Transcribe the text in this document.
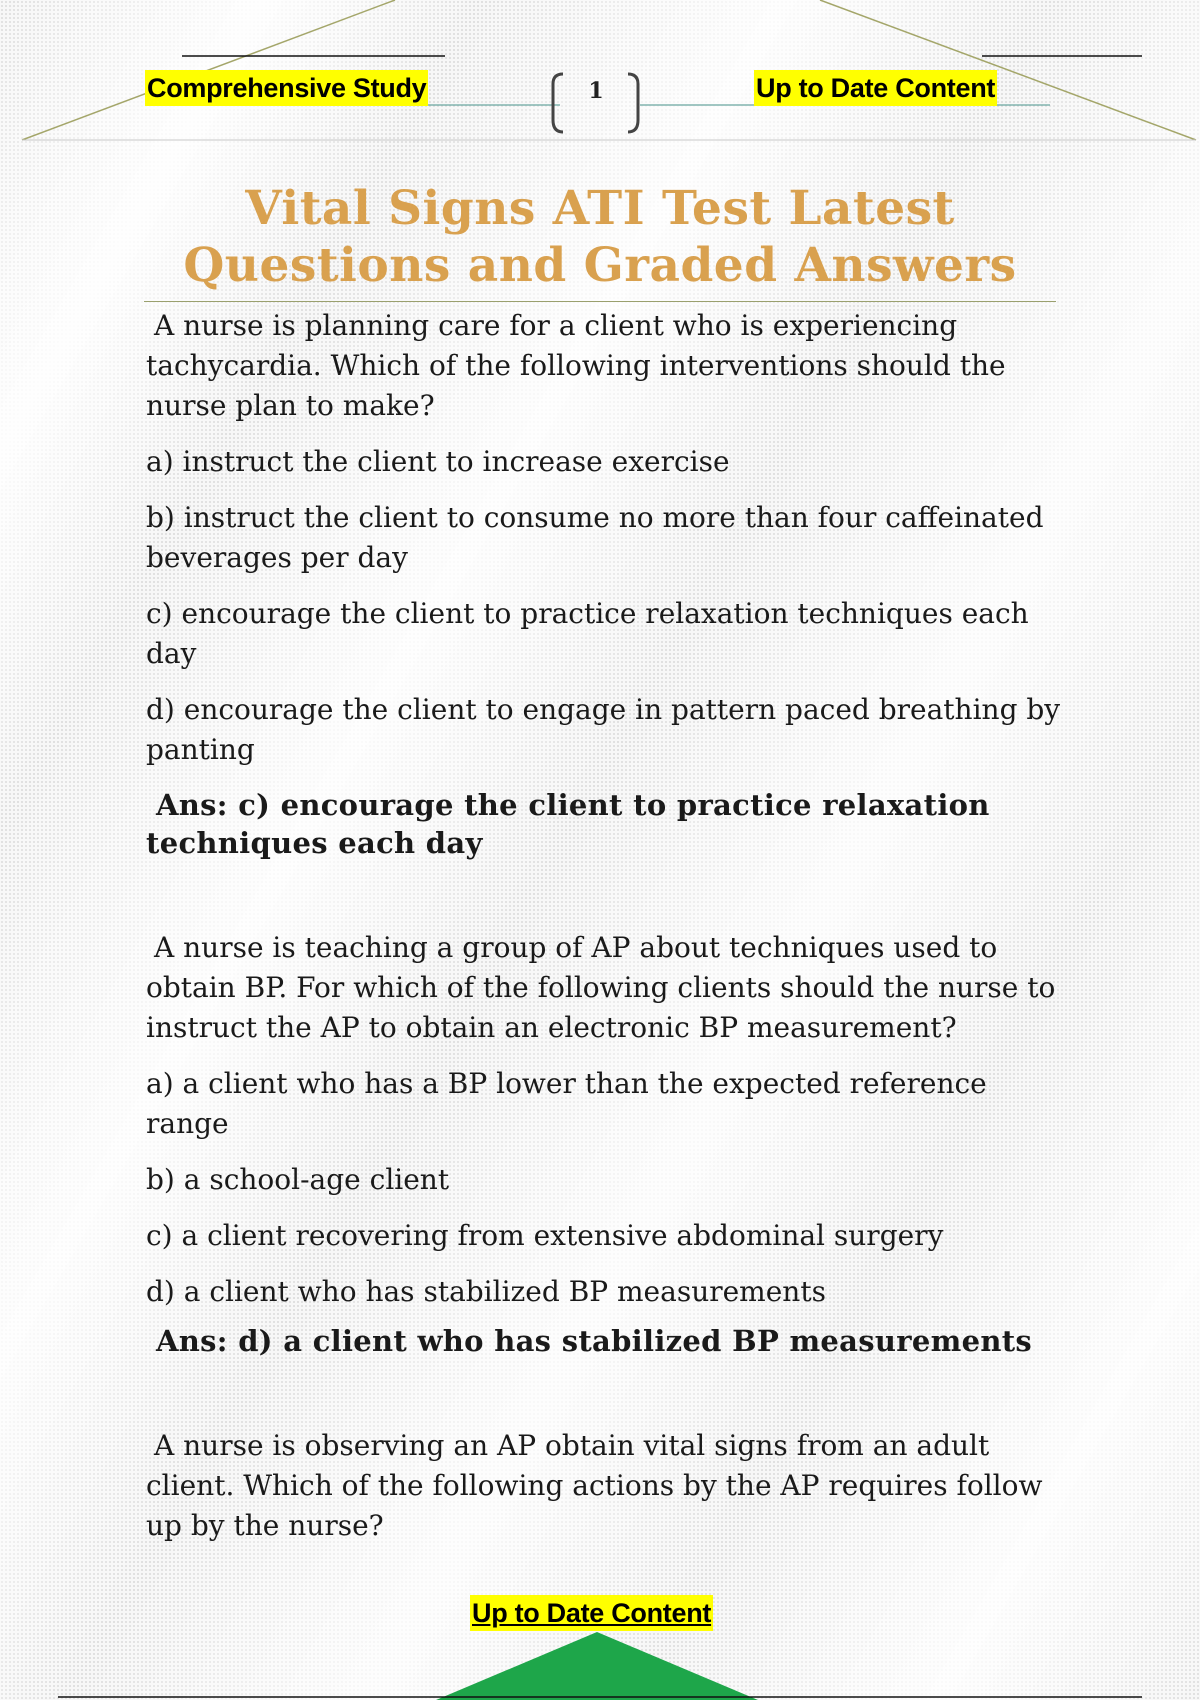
Comprehensive Study	Up to Date Content
1
Vital Signs ATI Test Latest
Questions and Graded Answers

A nurse is planning care for a client who is experiencing tachycardia. Which of the following interventions should the nurse plan to make?

a) instruct the client to increase exercise

b) instruct the client to consume no more than four caffeinated beverages per day

c) encourage the client to practice relaxation techniques each day

d) encourage the client to engage in pattern paced breathing by panting

Ans: c) encourage the client to practice relaxation techniques each day

A nurse is teaching a group of AP about techniques used to obtain BP. For which of the following clients should the nurse to instruct the AP to obtain an electronic BP measurement?

a) a client who has a BP lower than the expected reference range

b) a school-age client

c) a client recovering from extensive abdominal surgery

d) a client who has stabilized BP measurements

Ans: d) a client who has stabilized BP measurements

A nurse is observing an AP obtain vital signs from an adult client. Which of the following actions by the AP requires follow up by the nurse?

Up to Date Content
